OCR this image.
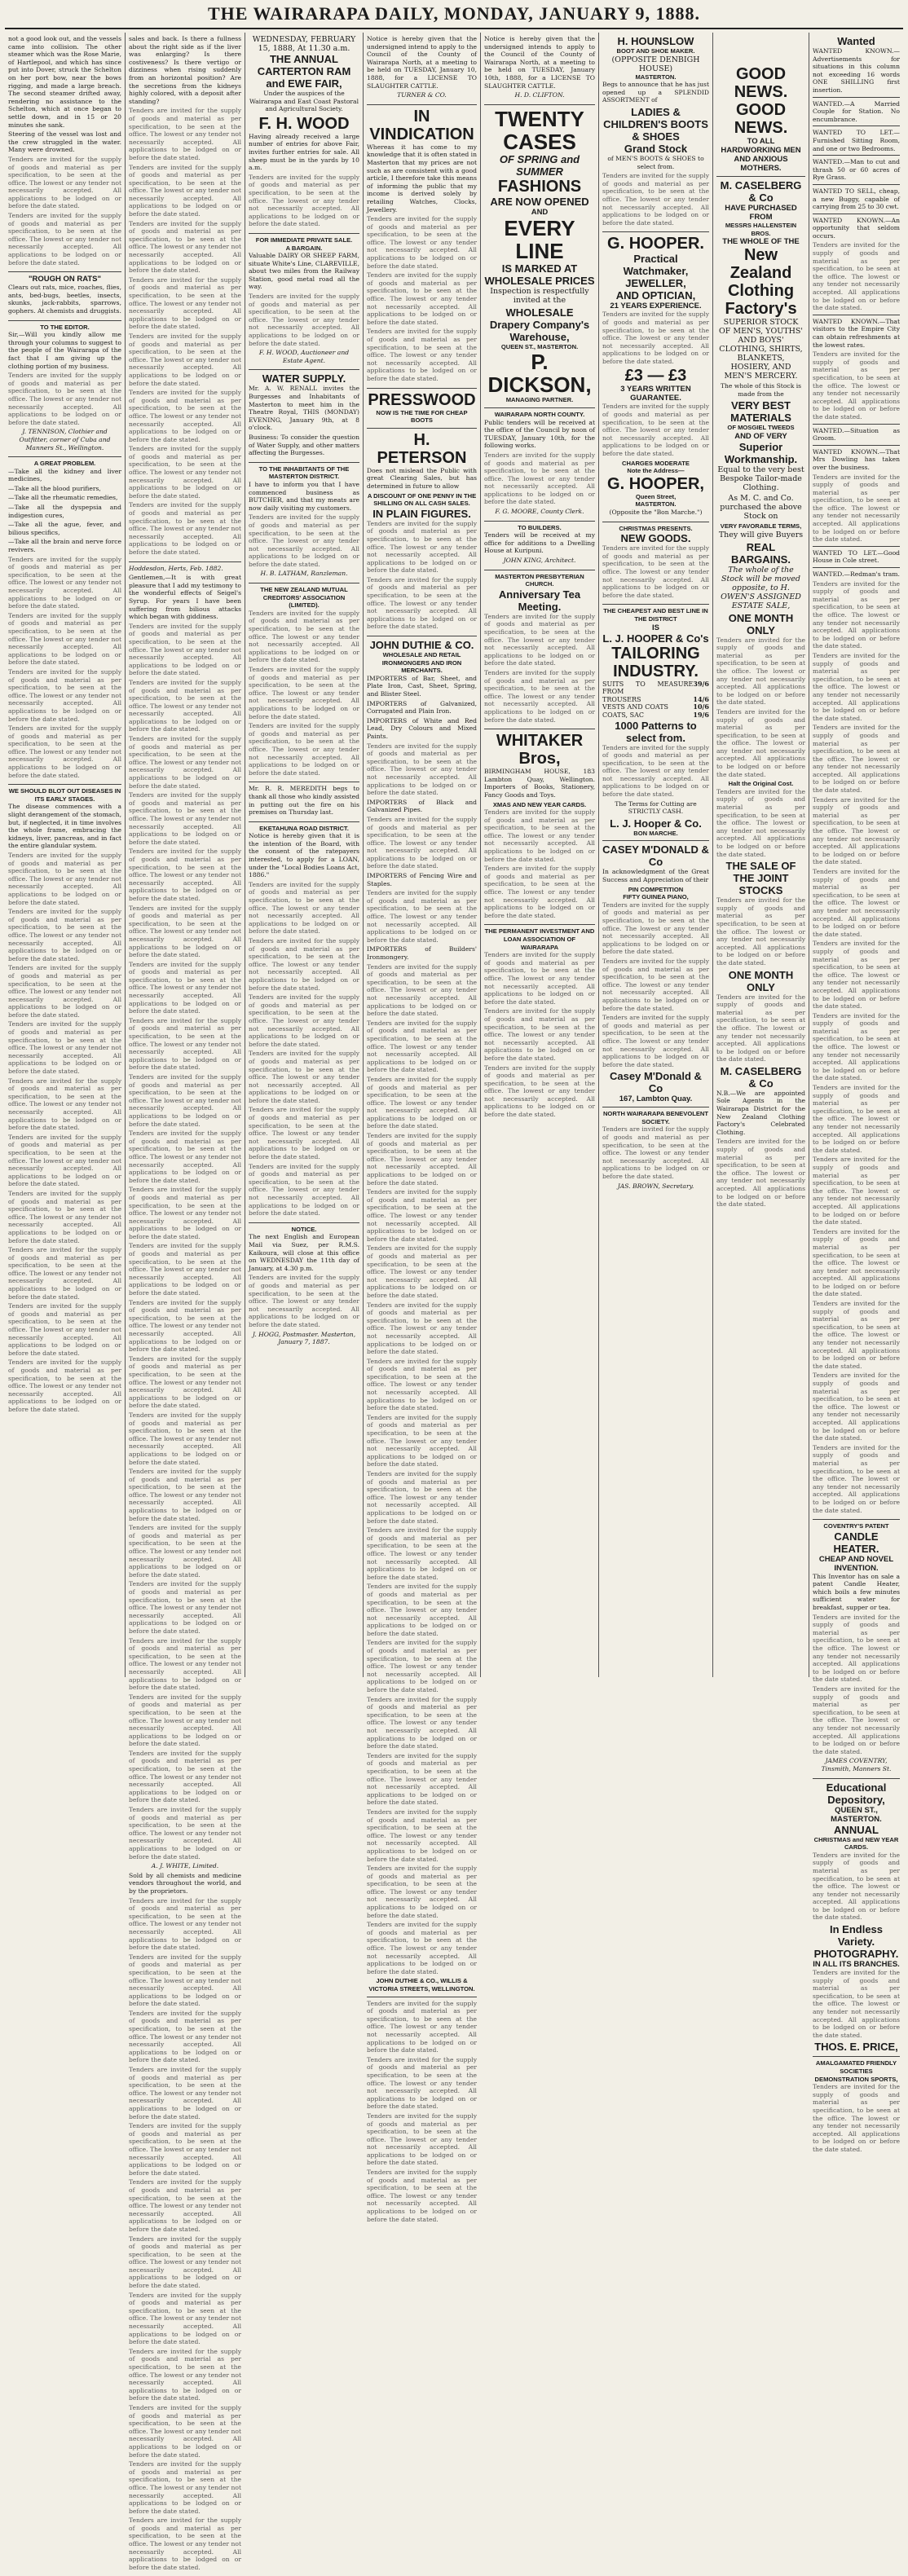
THE WAIRARAPA DAILY, MONDAY, JANUARY 9, 1888.

not a good look out, and the vessels came into collision. The other steamer which was the Rose Marie, of Hartlepool, and which has since put into Dover, struck the Schelton on her port bow, near the bows rigging, and made a large breach. The second steamer drifted away, rendering no assistance to the Schelton, which at once began to settle down, and in 15 or 20 minutes she sank.

Steering of the vessel was lost and the crew struggled in the water. Many were drowned.

Tenders are invited for the supply of goods and material as per specification, to be seen at the office. The lowest or any tender not necessarily accepted. All applications to be lodged on or before the date stated.

Tenders are invited for the supply of goods and material as per specification, to be seen at the office. The lowest or any tender not necessarily accepted. All applications to be lodged on or before the date stated.

"ROUGH ON RATS"

Clears out rats, mice, roaches, flies, ants, bed-bugs, beetles, insects, skunks, jack-rabbits, sparrows, gophers. At chemists and druggists.

TO THE EDITOR.

Sir,—Will you kindly allow me through your columns to suggest to the people of the Wairarapa of the fact that I am giving up the clothing portion of my business.

Tenders are invited for the supply of goods and material as per specification, to be seen at the office. The lowest or any tender not necessarily accepted. All applications to be lodged on or before the date stated.

J. TENNISON, Clothier and Outfitter, corner of Cuba and Manners St., Wellington.

A GREAT PROBLEM.

—Take all the kidney and liver medicines,

—Take all the blood purifiers,

—Take all the rheumatic remedies,

—Take all the dyspepsia and indigestion cures,

—Take all the ague, fever, and bilious specifics,

—Take all the brain and nerve force revivers.

Tenders are invited for the supply of goods and material as per specification, to be seen at the office. The lowest or any tender not necessarily accepted. All applications to be lodged on or before the date stated.

Tenders are invited for the supply of goods and material as per specification, to be seen at the office. The lowest or any tender not necessarily accepted. All applications to be lodged on or before the date stated.

Tenders are invited for the supply of goods and material as per specification, to be seen at the office. The lowest or any tender not necessarily accepted. All applications to be lodged on or before the date stated.

Tenders are invited for the supply of goods and material as per specification, to be seen at the office. The lowest or any tender not necessarily accepted. All applications to be lodged on or before the date stated.

WE SHOULD BLOT OUT DISEASES IN ITS EARLY STAGES.

The disease commences with a slight derangement of the stomach, but, if neglected, it in time involves the whole frame, embracing the kidneys, liver, pancreas, and in fact the entire glandular system.

Tenders are invited for the supply of goods and material as per specification, to be seen at the office. The lowest or any tender not necessarily accepted. All applications to be lodged on or before the date stated.

Tenders are invited for the supply of goods and material as per specification, to be seen at the office. The lowest or any tender not necessarily accepted. All applications to be lodged on or before the date stated.

Tenders are invited for the supply of goods and material as per specification, to be seen at the office. The lowest or any tender not necessarily accepted. All applications to be lodged on or before the date stated.

Tenders are invited for the supply of goods and material as per specification, to be seen at the office. The lowest or any tender not necessarily accepted. All applications to be lodged on or before the date stated.

Tenders are invited for the supply of goods and material as per specification, to be seen at the office. The lowest or any tender not necessarily accepted. All applications to be lodged on or before the date stated.

Tenders are invited for the supply of goods and material as per specification, to be seen at the office. The lowest or any tender not necessarily accepted. All applications to be lodged on or before the date stated.

Tenders are invited for the supply of goods and material as per specification, to be seen at the office. The lowest or any tender not necessarily accepted. All applications to be lodged on or before the date stated.

Tenders are invited for the supply of goods and material as per specification, to be seen at the office. The lowest or any tender not necessarily accepted. All applications to be lodged on or before the date stated.

Tenders are invited for the supply of goods and material as per specification, to be seen at the office. The lowest or any tender not necessarily accepted. All applications to be lodged on or before the date stated.

Tenders are invited for the supply of goods and material as per specification, to be seen at the office. The lowest or any tender not necessarily accepted. All applications to be lodged on or before the date stated.

sales and back. Is there a fullness about the right side as if the liver was enlarging? Is there costiveness? Is there vertigo or dizziness when rising suddenly from an horizontal position? Are the secretions from the kidneys highly colored, with a deposit after standing?

Tenders are invited for the supply of goods and material as per specification, to be seen at the office. The lowest or any tender not necessarily accepted. All applications to be lodged on or before the date stated.

Tenders are invited for the supply of goods and material as per specification, to be seen at the office. The lowest or any tender not necessarily accepted. All applications to be lodged on or before the date stated.

Tenders are invited for the supply of goods and material as per specification, to be seen at the office. The lowest or any tender not necessarily accepted. All applications to be lodged on or before the date stated.

Tenders are invited for the supply of goods and material as per specification, to be seen at the office. The lowest or any tender not necessarily accepted. All applications to be lodged on or before the date stated.

Tenders are invited for the supply of goods and material as per specification, to be seen at the office. The lowest or any tender not necessarily accepted. All applications to be lodged on or before the date stated.

Tenders are invited for the supply of goods and material as per specification, to be seen at the office. The lowest or any tender not necessarily accepted. All applications to be lodged on or before the date stated.

Tenders are invited for the supply of goods and material as per specification, to be seen at the office. The lowest or any tender not necessarily accepted. All applications to be lodged on or before the date stated.

Tenders are invited for the supply of goods and material as per specification, to be seen at the office. The lowest or any tender not necessarily accepted. All applications to be lodged on or before the date stated.

Hoddesdon, Herts, Feb. 1882.

Gentlemen,—It is with great pleasure that I add my testimony to the wonderful effects of Seigel's Syrup. For years I have been suffering from bilious attacks which began with giddiness.

Tenders are invited for the supply of goods and material as per specification, to be seen at the office. The lowest or any tender not necessarily accepted. All applications to be lodged on or before the date stated.

Tenders are invited for the supply of goods and material as per specification, to be seen at the office. The lowest or any tender not necessarily accepted. All applications to be lodged on or before the date stated.

Tenders are invited for the supply of goods and material as per specification, to be seen at the office. The lowest or any tender not necessarily accepted. All applications to be lodged on or before the date stated.

Tenders are invited for the supply of goods and material as per specification, to be seen at the office. The lowest or any tender not necessarily accepted. All applications to be lodged on or before the date stated.

Tenders are invited for the supply of goods and material as per specification, to be seen at the office. The lowest or any tender not necessarily accepted. All applications to be lodged on or before the date stated.

Tenders are invited for the supply of goods and material as per specification, to be seen at the office. The lowest or any tender not necessarily accepted. All applications to be lodged on or before the date stated.

Tenders are invited for the supply of goods and material as per specification, to be seen at the office. The lowest or any tender not necessarily accepted. All applications to be lodged on or before the date stated.

Tenders are invited for the supply of goods and material as per specification, to be seen at the office. The lowest or any tender not necessarily accepted. All applications to be lodged on or before the date stated.

Tenders are invited for the supply of goods and material as per specification, to be seen at the office. The lowest or any tender not necessarily accepted. All applications to be lodged on or before the date stated.

Tenders are invited for the supply of goods and material as per specification, to be seen at the office. The lowest or any tender not necessarily accepted. All applications to be lodged on or before the date stated.

Tenders are invited for the supply of goods and material as per specification, to be seen at the office. The lowest or any tender not necessarily accepted. All applications to be lodged on or before the date stated.

Tenders are invited for the supply of goods and material as per specification, to be seen at the office. The lowest or any tender not necessarily accepted. All applications to be lodged on or before the date stated.

Tenders are invited for the supply of goods and material as per specification, to be seen at the office. The lowest or any tender not necessarily accepted. All applications to be lodged on or before the date stated.

Tenders are invited for the supply of goods and material as per specification, to be seen at the office. The lowest or any tender not necessarily accepted. All applications to be lodged on or before the date stated.

Tenders are invited for the supply of goods and material as per specification, to be seen at the office. The lowest or any tender not necessarily accepted. All applications to be lodged on or before the date stated.

Tenders are invited for the supply of goods and material as per specification, to be seen at the office. The lowest or any tender not necessarily accepted. All applications to be lodged on or before the date stated.

Tenders are invited for the supply of goods and material as per specification, to be seen at the office. The lowest or any tender not necessarily accepted. All applications to be lodged on or before the date stated.

Tenders are invited for the supply of goods and material as per specification, to be seen at the office. The lowest or any tender not necessarily accepted. All applications to be lodged on or before the date stated.

Tenders are invited for the supply of goods and material as per specification, to be seen at the office. The lowest or any tender not necessarily accepted. All applications to be lodged on or before the date stated.

Tenders are invited for the supply of goods and material as per specification, to be seen at the office. The lowest or any tender not necessarily accepted. All applications to be lodged on or before the date stated.

Tenders are invited for the supply of goods and material as per specification, to be seen at the office. The lowest or any tender not necessarily accepted. All applications to be lodged on or before the date stated.

Tenders are invited for the supply of goods and material as per specification, to be seen at the office. The lowest or any tender not necessarily accepted. All applications to be lodged on or before the date stated.

A. J. WHITE, Limited.

Sold by all chemists and medicine vendors throughout the world, and by the proprietors.

Tenders are invited for the supply of goods and material as per specification, to be seen at the office. The lowest or any tender not necessarily accepted. All applications to be lodged on or before the date stated.

Tenders are invited for the supply of goods and material as per specification, to be seen at the office. The lowest or any tender not necessarily accepted. All applications to be lodged on or before the date stated.

Tenders are invited for the supply of goods and material as per specification, to be seen at the office. The lowest or any tender not necessarily accepted. All applications to be lodged on or before the date stated.

Tenders are invited for the supply of goods and material as per specification, to be seen at the office. The lowest or any tender not necessarily accepted. All applications to be lodged on or before the date stated.

Tenders are invited for the supply of goods and material as per specification, to be seen at the office. The lowest or any tender not necessarily accepted. All applications to be lodged on or before the date stated.

Tenders are invited for the supply of goods and material as per specification, to be seen at the office. The lowest or any tender not necessarily accepted. All applications to be lodged on or before the date stated.

Tenders are invited for the supply of goods and material as per specification, to be seen at the office. The lowest or any tender not necessarily accepted. All applications to be lodged on or before the date stated.

Tenders are invited for the supply of goods and material as per specification, to be seen at the office. The lowest or any tender not necessarily accepted. All applications to be lodged on or before the date stated.

Tenders are invited for the supply of goods and material as per specification, to be seen at the office. The lowest or any tender not necessarily accepted. All applications to be lodged on or before the date stated.

Tenders are invited for the supply of goods and material as per specification, to be seen at the office. The lowest or any tender not necessarily accepted. All applications to be lodged on or before the date stated.

Tenders are invited for the supply of goods and material as per specification, to be seen at the office. The lowest or any tender not necessarily accepted. All applications to be lodged on or before the date stated.

Tenders are invited for the supply of goods and material as per specification, to be seen at the office. The lowest or any tender not necessarily accepted. All applications to be lodged on or before the date stated.

WEDNESDAY, FEBRUARY 15, 1888, At 11.30 a.m.
THE ANNUAL CARTERTON RAM and EWE FAIR,

Under the auspices of the Wairarapa and East Coast Pastoral and Agricultural Society.

F. H. WOOD

Having already received a large number of entries for above Fair, invites further entries for sale. All sheep must be in the yards by 10 a.m.

Tenders are invited for the supply of goods and material as per specification, to be seen at the office. The lowest or any tender not necessarily accepted. All applications to be lodged on or before the date stated.

FOR IMMEDIATE PRIVATE SALE.
A BARGAIN.

Valuable DAIRY OR SHEEP FARM, situate White's Line, CLAREVILLE, about two miles from the Railway Station, good metal road all the way.

Tenders are invited for the supply of goods and material as per specification, to be seen at the office. The lowest or any tender not necessarily accepted. All applications to be lodged on or before the date stated.

F. H. WOOD, Auctioneer and Estate Agent.

WATER SUPPLY.

Mr. A. W. RENALL invites the Burgesses and Inhabitants of Masterton to meet him in the Theatre Royal, THIS (MONDAY) EVENING, January 9th, at 8 o'clock.

Business: To consider the question of Water Supply, and other matters affecting the Burgesses.

TO THE INHABITANTS OF THE MASTERTON DISTRICT.

I have to inform you that I have commenced business as BUTCHER, and that my meats are now daily visiting my customers.

Tenders are invited for the supply of goods and material as per specification, to be seen at the office. The lowest or any tender not necessarily accepted. All applications to be lodged on or before the date stated.

H. B. LATHAM, Ranzleman.

THE NEW ZEALAND MUTUAL CREDITORS' ASSOCIATION (LIMITED).

Tenders are invited for the supply of goods and material as per specification, to be seen at the office. The lowest or any tender not necessarily accepted. All applications to be lodged on or before the date stated.

Tenders are invited for the supply of goods and material as per specification, to be seen at the office. The lowest or any tender not necessarily accepted. All applications to be lodged on or before the date stated.

Tenders are invited for the supply of goods and material as per specification, to be seen at the office. The lowest or any tender not necessarily accepted. All applications to be lodged on or before the date stated.

Mr. R. R. MEREDITH begs to thank all those who kindly assisted in putting out the fire on his premises on Thursday last.

EKETAHUNA ROAD DISTRICT.

Notice is hereby given that it is the intention of the Board, with the consent of the ratepayers interested, to apply for a LOAN, under the "Local Bodies Loans Act, 1886."

Tenders are invited for the supply of goods and material as per specification, to be seen at the office. The lowest or any tender not necessarily accepted. All applications to be lodged on or before the date stated.

Tenders are invited for the supply of goods and material as per specification, to be seen at the office. The lowest or any tender not necessarily accepted. All applications to be lodged on or before the date stated.

Tenders are invited for the supply of goods and material as per specification, to be seen at the office. The lowest or any tender not necessarily accepted. All applications to be lodged on or before the date stated.

Tenders are invited for the supply of goods and material as per specification, to be seen at the office. The lowest or any tender not necessarily accepted. All applications to be lodged on or before the date stated.

Tenders are invited for the supply of goods and material as per specification, to be seen at the office. The lowest or any tender not necessarily accepted. All applications to be lodged on or before the date stated.

Tenders are invited for the supply of goods and material as per specification, to be seen at the office. The lowest or any tender not necessarily accepted. All applications to be lodged on or before the date stated.

NOTICE.

The next English and European Mail via Suez, per R.M.S. Kaikoura, will close at this office on WEDNESDAY the 11th day of January, at 4.30 p.m.

Tenders are invited for the supply of goods and material as per specification, to be seen at the office. The lowest or any tender not necessarily accepted. All applications to be lodged on or before the date stated.

J. HOGG, Postmaster. Masterton, January 7, 1887.

Notice is hereby given that the undersigned intend to apply to the Council of the County of Wairarapa North, at a meeting to be held on TUESDAY, January 10, 1888, for a LICENSE TO SLAUGHTER CATTLE.

TURNER & CO.

IN VINDICATION

Whereas it has come to my knowledge that it is often stated in Masterton that my prices are not such as are consistent with a good article, I therefore take this means of informing the public that my income is derived solely by retailing Watches, Clocks, Jewellery.

Tenders are invited for the supply of goods and material as per specification, to be seen at the office. The lowest or any tender not necessarily accepted. All applications to be lodged on or before the date stated.

Tenders are invited for the supply of goods and material as per specification, to be seen at the office. The lowest or any tender not necessarily accepted. All applications to be lodged on or before the date stated.

Tenders are invited for the supply of goods and material as per specification, to be seen at the office. The lowest or any tender not necessarily accepted. All applications to be lodged on or before the date stated.

PRESSWOOD
NOW IS THE TIME FOR CHEAP BOOTS
H. PETERSON

Does not mislead the Public with great Clearing Sales, but has determined in future to allow

A DISCOUNT OF ONE PENNY IN THE SHILLING ON ALL CASH SALES.
IN PLAIN FIGURES.

Tenders are invited for the supply of goods and material as per specification, to be seen at the office. The lowest or any tender not necessarily accepted. All applications to be lodged on or before the date stated.

Tenders are invited for the supply of goods and material as per specification, to be seen at the office. The lowest or any tender not necessarily accepted. All applications to be lodged on or before the date stated.

JOHN DUTHIE & CO.
WHOLESALE AND RETAIL IRONMONGERS AND IRON MERCHANTS.

IMPORTERS of Bar, Sheet, and Plate Iron, Cast, Sheet, Spring, and Blister Steel.

IMPORTERS of Galvanized, Corrugated and Plain Iron.

IMPORTERS of White and Red Lead, Dry Colours and Mixed Paints.

Tenders are invited for the supply of goods and material as per specification, to be seen at the office. The lowest or any tender not necessarily accepted. All applications to be lodged on or before the date stated.

IMPORTERS of Black and Galvanized Pipes.

Tenders are invited for the supply of goods and material as per specification, to be seen at the office. The lowest or any tender not necessarily accepted. All applications to be lodged on or before the date stated.

IMPORTERS of Fencing Wire and Staples.

Tenders are invited for the supply of goods and material as per specification, to be seen at the office. The lowest or any tender not necessarily accepted. All applications to be lodged on or before the date stated.

IMPORTERS of Builders' Ironmongery.

Tenders are invited for the supply of goods and material as per specification, to be seen at the office. The lowest or any tender not necessarily accepted. All applications to be lodged on or before the date stated.

Tenders are invited for the supply of goods and material as per specification, to be seen at the office. The lowest or any tender not necessarily accepted. All applications to be lodged on or before the date stated.

Tenders are invited for the supply of goods and material as per specification, to be seen at the office. The lowest or any tender not necessarily accepted. All applications to be lodged on or before the date stated.

Tenders are invited for the supply of goods and material as per specification, to be seen at the office. The lowest or any tender not necessarily accepted. All applications to be lodged on or before the date stated.

Tenders are invited for the supply of goods and material as per specification, to be seen at the office. The lowest or any tender not necessarily accepted. All applications to be lodged on or before the date stated.

Tenders are invited for the supply of goods and material as per specification, to be seen at the office. The lowest or any tender not necessarily accepted. All applications to be lodged on or before the date stated.

Tenders are invited for the supply of goods and material as per specification, to be seen at the office. The lowest or any tender not necessarily accepted. All applications to be lodged on or before the date stated.

Tenders are invited for the supply of goods and material as per specification, to be seen at the office. The lowest or any tender not necessarily accepted. All applications to be lodged on or before the date stated.

Tenders are invited for the supply of goods and material as per specification, to be seen at the office. The lowest or any tender not necessarily accepted. All applications to be lodged on or before the date stated.

Tenders are invited for the supply of goods and material as per specification, to be seen at the office. The lowest or any tender not necessarily accepted. All applications to be lodged on or before the date stated.

Tenders are invited for the supply of goods and material as per specification, to be seen at the office. The lowest or any tender not necessarily accepted. All applications to be lodged on or before the date stated.

Tenders are invited for the supply of goods and material as per specification, to be seen at the office. The lowest or any tender not necessarily accepted. All applications to be lodged on or before the date stated.

Tenders are invited for the supply of goods and material as per specification, to be seen at the office. The lowest or any tender not necessarily accepted. All applications to be lodged on or before the date stated.

Tenders are invited for the supply of goods and material as per specification, to be seen at the office. The lowest or any tender not necessarily accepted. All applications to be lodged on or before the date stated.

Tenders are invited for the supply of goods and material as per specification, to be seen at the office. The lowest or any tender not necessarily accepted. All applications to be lodged on or before the date stated.

Tenders are invited for the supply of goods and material as per specification, to be seen at the office. The lowest or any tender not necessarily accepted. All applications to be lodged on or before the date stated.

Tenders are invited for the supply of goods and material as per specification, to be seen at the office. The lowest or any tender not necessarily accepted. All applications to be lodged on or before the date stated.

Tenders are invited for the supply of goods and material as per specification, to be seen at the office. The lowest or any tender not necessarily accepted. All applications to be lodged on or before the date stated.

JOHN DUTHIE & CO., WILLIS & VICTORIA STREETS, WELLINGTON.

Tenders are invited for the supply of goods and material as per specification, to be seen at the office. The lowest or any tender not necessarily accepted. All applications to be lodged on or before the date stated.

Tenders are invited for the supply of goods and material as per specification, to be seen at the office. The lowest or any tender not necessarily accepted. All applications to be lodged on or before the date stated.

Tenders are invited for the supply of goods and material as per specification, to be seen at the office. The lowest or any tender not necessarily accepted. All applications to be lodged on or before the date stated.

Tenders are invited for the supply of goods and material as per specification, to be seen at the office. The lowest or any tender not necessarily accepted. All applications to be lodged on or before the date stated.

Notice is hereby given that the undersigned intends to apply to the Council of the County of Wairarapa North, at a meeting to be held on TUESDAY, January 10th, 1888, for a LICENSE TO SLAUGHTER CATTLE.

H. D. CLIFTON.

TWENTY
CASES
OF SPRING and SUMMER
FASHIONS
ARE NOW OPENED
AND
EVERY LINE
IS MARKED AT
WHOLESALE PRICES

Inspection is respectfully invited at the

WHOLESALE
Drapery Company's Warehouse,
QUEEN ST., MASTERTON.
P. DICKSON,
MANAGING PARTNER.
WAIRARAPA NORTH COUNTY.

Public tenders will be received at the office of the Council by noon of TUESDAY, January 10th, for the following works.

Tenders are invited for the supply of goods and material as per specification, to be seen at the office. The lowest or any tender not necessarily accepted. All applications to be lodged on or before the date stated.

F. G. MOORE, County Clerk.

TO BUILDERS.

Tenders will be received at my office for additions to a Dwelling House at Kuripuni.

JOHN KING, Architect.

MASTERTON PRESBYTERIAN CHURCH.
Anniversary Tea Meeting.

Tenders are invited for the supply of goods and material as per specification, to be seen at the office. The lowest or any tender not necessarily accepted. All applications to be lodged on or before the date stated.

Tenders are invited for the supply of goods and material as per specification, to be seen at the office. The lowest or any tender not necessarily accepted. All applications to be lodged on or before the date stated.

WHITAKER Bros,

BIRMINGHAM HOUSE, 183 Lambton Quay, Wellington. Importers of Books, Stationery, Fancy Goods and Toys.

XMAS AND NEW YEAR CARDS.

Tenders are invited for the supply of goods and material as per specification, to be seen at the office. The lowest or any tender not necessarily accepted. All applications to be lodged on or before the date stated.

Tenders are invited for the supply of goods and material as per specification, to be seen at the office. The lowest or any tender not necessarily accepted. All applications to be lodged on or before the date stated.

THE PERMANENT INVESTMENT AND LOAN ASSOCIATION OF WAIRARAPA

Tenders are invited for the supply of goods and material as per specification, to be seen at the office. The lowest or any tender not necessarily accepted. All applications to be lodged on or before the date stated.

Tenders are invited for the supply of goods and material as per specification, to be seen at the office. The lowest or any tender not necessarily accepted. All applications to be lodged on or before the date stated.

Tenders are invited for the supply of goods and material as per specification, to be seen at the office. The lowest or any tender not necessarily accepted. All applications to be lodged on or before the date stated.

H. HOUNSLOW
BOOT AND SHOE MAKER.
(OPPOSITE DENBIGH HOUSE)
MASTERTON.

Begs to announce that he has just opened up a SPLENDID ASSORTMENT of

LADIES & CHILDREN'S BOOTS & SHOES
Grand Stock

of MEN'S BOOTS & SHOES to select from.

Tenders are invited for the supply of goods and material as per specification, to be seen at the office. The lowest or any tender not necessarily accepted. All applications to be lodged on or before the date stated.

G. HOOPER.
Practical Watchmaker,
JEWELLER,
AND OPTICIAN,
21 YEARS EXPERIENCE.

Tenders are invited for the supply of goods and material as per specification, to be seen at the office. The lowest or any tender not necessarily accepted. All applications to be lodged on or before the date stated.

£3 — £3
3 YEARS WRITTEN GUARANTEE.

Tenders are invited for the supply of goods and material as per specification, to be seen at the office. The lowest or any tender not necessarily accepted. All applications to be lodged on or before the date stated.

CHARGES MODERATE
Note the Address—
G. HOOPER,
Queen Street,
MASTERTON.

(Opposite the "Bon Marche.")

CHRISTMAS PRESENTS.
NEW GOODS.

Tenders are invited for the supply of goods and material as per specification, to be seen at the office. The lowest or any tender not necessarily accepted. All applications to be lodged on or before the date stated.

THE CHEAPEST AND BEST LINE IN THE DISTRICT
IS
L. J. HOOPER & Co's
TAILORING
INDUSTRY.
SUITS TO MEASURE FROM
39/6
TROUSERS	14/6
VESTS AND COATS	10/6
COATS, SAC	19/6
1000 Patterns to select from.

Tenders are invited for the supply of goods and material as per specification, to be seen at the office. The lowest or any tender not necessarily accepted. All applications to be lodged on or before the date stated.

The Terms for Cutting are STRICTLY CASH.

L. J. Hooper & Co.
BON MARCHE.
CASEY M'DONALD & Co

In acknowledgment of the Great Success and Appreciation of their

PIN COMPETITION
FIFTY GUINEA PIANO,

Tenders are invited for the supply of goods and material as per specification, to be seen at the office. The lowest or any tender not necessarily accepted. All applications to be lodged on or before the date stated.

Tenders are invited for the supply of goods and material as per specification, to be seen at the office. The lowest or any tender not necessarily accepted. All applications to be lodged on or before the date stated.

Tenders are invited for the supply of goods and material as per specification, to be seen at the office. The lowest or any tender not necessarily accepted. All applications to be lodged on or before the date stated.

Casey M'Donald & Co
167, Lambton Quay.
NORTH WAIRARAPA BENEVOLENT SOCIETY.

Tenders are invited for the supply of goods and material as per specification, to be seen at the office. The lowest or any tender not necessarily accepted. All applications to be lodged on or before the date stated.

JAS. BROWN, Secretary.

GOOD NEWS.
GOOD NEWS.
TO ALL HARDWORKING MEN AND ANXIOUS MOTHERS.
M. CASELBERG & Co
HAVE PURCHASED FROM
MESSRS HALLENSTEIN BROS.
THE WHOLE OF THE
New Zealand Clothing Factory's

SUPERIOR STOCK OF MEN'S, YOUTHS' AND BOYS' CLOTHING, SHIRTS, BLANKETS, HOSIERY, AND MEN'S MERCERY.

The whole of this Stock is made from the

VERY BEST MATERIALS
OF MOSGIEL TWEEDS
AND OF VERY
Superior Workmanship.

Equal to the very best Bespoke Tailor-made Clothing.

As M. C. and Co. purchased the above Stock on

VERY FAVORABLE TERMS,

They will give Buyers

REAL BARGAINS.

The whole of the Stock will be moved opposite, to H. OWEN'S ASSIGNED ESTATE SALE,

ONE MONTH ONLY

Tenders are invited for the supply of goods and material as per specification, to be seen at the office. The lowest or any tender not necessarily accepted. All applications to be lodged on or before the date stated.

Tenders are invited for the supply of goods and material as per specification, to be seen at the office. The lowest or any tender not necessarily accepted. All applications to be lodged on or before the date stated.

Halt the Original Cost.

Tenders are invited for the supply of goods and material as per specification, to be seen at the office. The lowest or any tender not necessarily accepted. All applications to be lodged on or before the date stated.

THE SALE OF THE JOINT STOCKS

Tenders are invited for the supply of goods and material as per specification, to be seen at the office. The lowest or any tender not necessarily accepted. All applications to be lodged on or before the date stated.

ONE MONTH ONLY

Tenders are invited for the supply of goods and material as per specification, to be seen at the office. The lowest or any tender not necessarily accepted. All applications to be lodged on or before the date stated.

M. CASELBERG & Co

N.B.—We are appointed Sole Agents in the Wairarapa District for the New Zealand Clothing Factory's Celebrated Clothing.

Tenders are invited for the supply of goods and material as per specification, to be seen at the office. The lowest or any tender not necessarily accepted. All applications to be lodged on or before the date stated.

Wanted

WANTED KNOWN.—Advertisements for situations in this column not exceeding 16 words ONE SHILLING first insertion.

WANTED.—A Married Couple for Station. No encumbrance.

WANTED TO LET.—Furnished Sitting Room, and one or two Bedrooms.

WANTED.—Man to cut and thrash 50 or 60 acres of Rye Grass.

WANTED TO SELL, cheap, a new Buggy, capable of carrying from 25 to 30 cwt.

WANTED KNOWN.—An opportunity that seldom occurs.

Tenders are invited for the supply of goods and material as per specification, to be seen at the office. The lowest or any tender not necessarily accepted. All applications to be lodged on or before the date stated.

WANTED KNOWN.—That visitors to the Empire City can obtain refreshments at the lowest rates.

Tenders are invited for the supply of goods and material as per specification, to be seen at the office. The lowest or any tender not necessarily accepted. All applications to be lodged on or before the date stated.

WANTED.—Situation as Groom.

WANTED KNOWN.—That Mrs Dowling has taken over the business.

Tenders are invited for the supply of goods and material as per specification, to be seen at the office. The lowest or any tender not necessarily accepted. All applications to be lodged on or before the date stated.

WANTED TO LET.—Good House in Cole street.

WANTED.—Redman's tram.

Tenders are invited for the supply of goods and material as per specification, to be seen at the office. The lowest or any tender not necessarily accepted. All applications to be lodged on or before the date stated.

Tenders are invited for the supply of goods and material as per specification, to be seen at the office. The lowest or any tender not necessarily accepted. All applications to be lodged on or before the date stated.

Tenders are invited for the supply of goods and material as per specification, to be seen at the office. The lowest or any tender not necessarily accepted. All applications to be lodged on or before the date stated.

Tenders are invited for the supply of goods and material as per specification, to be seen at the office. The lowest or any tender not necessarily accepted. All applications to be lodged on or before the date stated.

Tenders are invited for the supply of goods and material as per specification, to be seen at the office. The lowest or any tender not necessarily accepted. All applications to be lodged on or before the date stated.

Tenders are invited for the supply of goods and material as per specification, to be seen at the office. The lowest or any tender not necessarily accepted. All applications to be lodged on or before the date stated.

Tenders are invited for the supply of goods and material as per specification, to be seen at the office. The lowest or any tender not necessarily accepted. All applications to be lodged on or before the date stated.

Tenders are invited for the supply of goods and material as per specification, to be seen at the office. The lowest or any tender not necessarily accepted. All applications to be lodged on or before the date stated.

Tenders are invited for the supply of goods and material as per specification, to be seen at the office. The lowest or any tender not necessarily accepted. All applications to be lodged on or before the date stated.

Tenders are invited for the supply of goods and material as per specification, to be seen at the office. The lowest or any tender not necessarily accepted. All applications to be lodged on or before the date stated.

Tenders are invited for the supply of goods and material as per specification, to be seen at the office. The lowest or any tender not necessarily accepted. All applications to be lodged on or before the date stated.

Tenders are invited for the supply of goods and material as per specification, to be seen at the office. The lowest or any tender not necessarily accepted. All applications to be lodged on or before the date stated.

Tenders are invited for the supply of goods and material as per specification, to be seen at the office. The lowest or any tender not necessarily accepted. All applications to be lodged on or before the date stated.

COVENTRY'S PATENT
CANDLE HEATER.
CHEAP AND NOVEL INVENTION.

This Inventor has on sale a patent Candle Heater, which boils a few minutes sufficient water for breakfast, supper or tea.

Tenders are invited for the supply of goods and material as per specification, to be seen at the office. The lowest or any tender not necessarily accepted. All applications to be lodged on or before the date stated.

Tenders are invited for the supply of goods and material as per specification, to be seen at the office. The lowest or any tender not necessarily accepted. All applications to be lodged on or before the date stated.

JAMES COVENTRY, Tinsmith, Manners St.

Educational Depository,
QUEEN ST., MASTERTON.
ANNUAL
CHRISTMAS and NEW YEAR CARDS.

Tenders are invited for the supply of goods and material as per specification, to be seen at the office. The lowest or any tender not necessarily accepted. All applications to be lodged on or before the date stated.

In Endless Variety.
PHOTOGRAPHY.
IN ALL ITS BRANCHES.

Tenders are invited for the supply of goods and material as per specification, to be seen at the office. The lowest or any tender not necessarily accepted. All applications to be lodged on or before the date stated.

THOS. E. PRICE,
AMALGAMATED FRIENDLY SOCIETIES DEMONSTRATION SPORTS,

Tenders are invited for the supply of goods and material as per specification, to be seen at the office. The lowest or any tender not necessarily accepted. All applications to be lodged on or before the date stated.
